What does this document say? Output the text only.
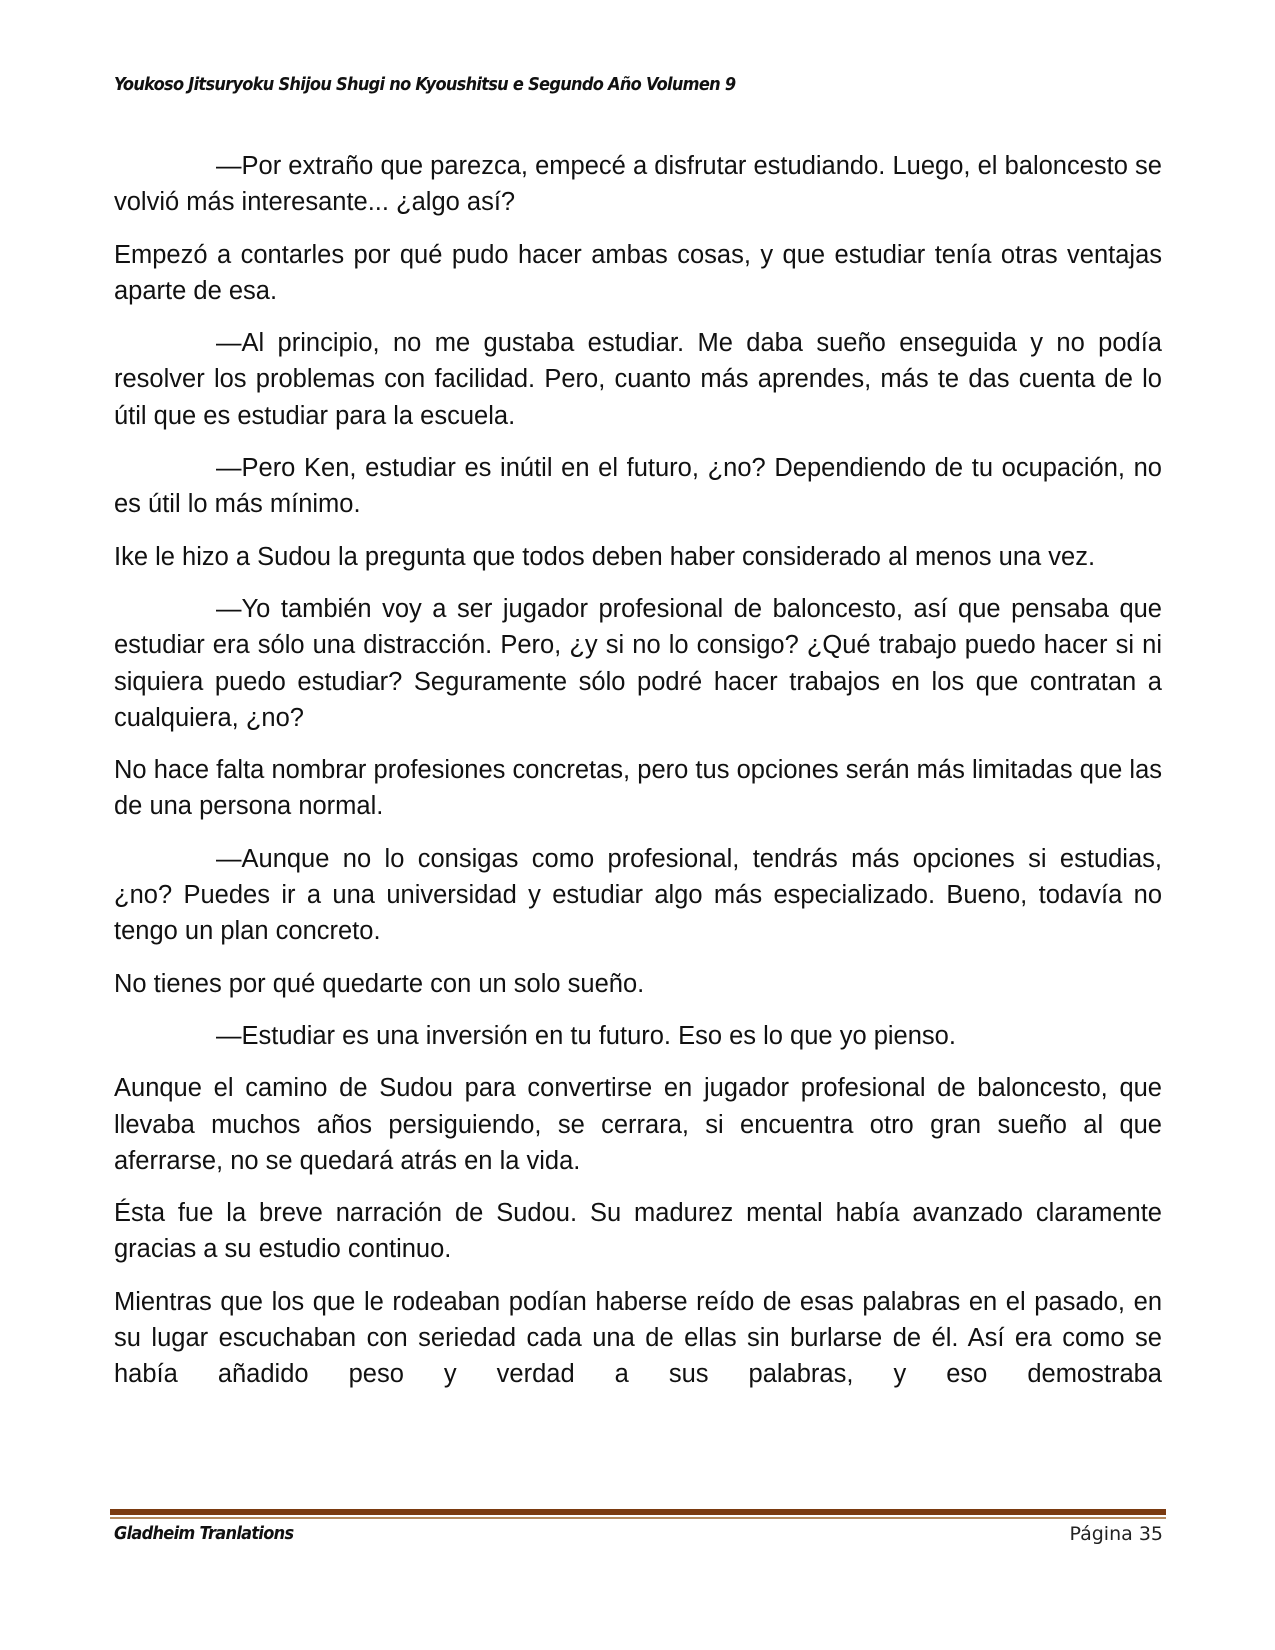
Youkoso Jitsuryoku Shijou Shugi no Kyoushitsu e Segundo Año Volumen 9

—Por extraño que parezca, empecé a disfrutar estudiando. Luego, el baloncesto se volvió más interesante... ¿algo así?

Empezó a contarles por qué pudo hacer ambas cosas, y que estudiar tenía otras ventajas aparte de esa.

—Al principio, no me gustaba estudiar. Me daba sueño enseguida y no podía resolver los problemas con facilidad. Pero, cuanto más aprendes, más te das cuenta de lo útil que es estudiar para la escuela.

—Pero Ken, estudiar es inútil en el futuro, ¿no? Dependiendo de tu ocupación, no es útil lo más mínimo.

Ike le hizo a Sudou la pregunta que todos deben haber considerado al menos una vez.

—Yo también voy a ser jugador profesional de baloncesto, así que pensaba que estudiar era sólo una distracción. Pero, ¿y si no lo consigo? ¿Qué trabajo puedo hacer si ni siquiera puedo estudiar? Seguramente sólo podré hacer trabajos en los que contratan a cualquiera, ¿no?

No hace falta nombrar profesiones concretas, pero tus opciones serán más limitadas que las de una persona normal.

—Aunque no lo consigas como profesional, tendrás más opciones si estudias, ¿no? Puedes ir a una universidad y estudiar algo más especializado. Bueno, todavía no tengo un plan concreto.

No tienes por qué quedarte con un solo sueño.

—Estudiar es una inversión en tu futuro. Eso es lo que yo pienso.

Aunque el camino de Sudou para convertirse en jugador profesional de baloncesto, que llevaba muchos años persiguiendo, se cerrara, si encuentra otro gran sueño al que aferrarse, no se quedará atrás en la vida.

Ésta fue la breve narración de Sudou. Su madurez mental había avanzado claramente gracias a su estudio continuo.

Mientras que los que le rodeaban podían haberse reído de esas palabras en el pasado, en su lugar escuchaban con seriedad cada una de ellas sin burlarse de él. Así era como se había añadido peso y verdad a sus palabras, y eso demostraba

Gladheim Tranlations	Página 35
